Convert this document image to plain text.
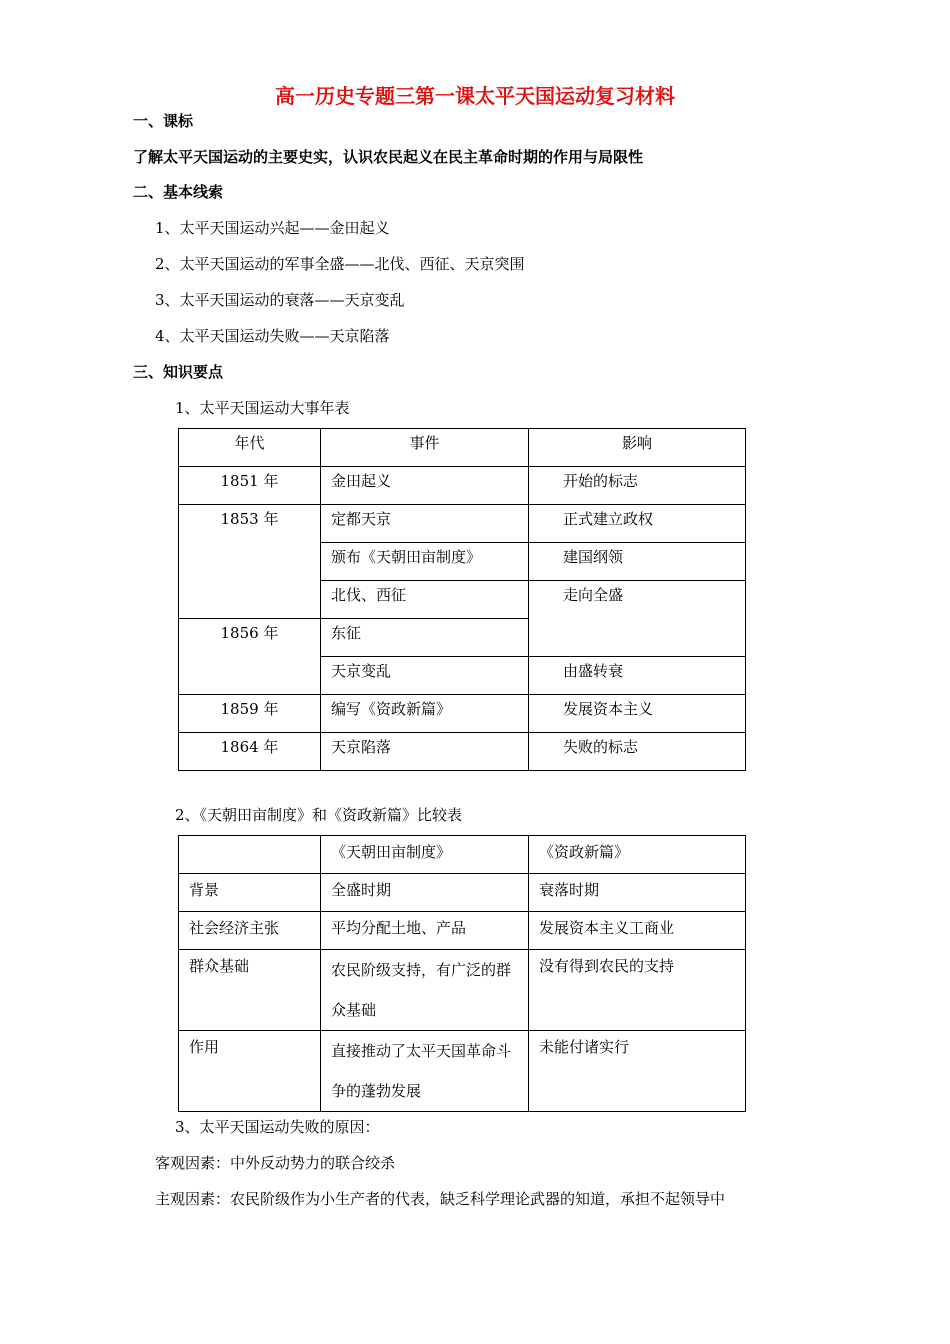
高一历史专题三第一课太平天国运动复习材料
一、课标
了解太平天国运动的主要史实，认识农民起义在民主革命时期的作用与局限性
二、基本线索
1、太平天国运动兴起——金田起义
2、太平天国运动的军事全盛——北伐、西征、天京突围
3、太平天国运动的衰落——天京变乱
4、太平天国运动失败——天京陷落
三、知识要点
1、太平天国运动大事年表
年代	事件	影响
1851 年	金田起义	开始的标志
1853 年	定都天京	正式建立政权
	颁布《天朝田亩制度》	建国纲领
	北伐、西征	走向全盛
1856 年	东征	
	天京变乱	由盛转衰
1859 年	编写《资政新篇》	发展资本主义
1864 年	天京陷落	失败的标志
2、《天朝田亩制度》和《资政新篇》比较表
	《天朝田亩制度》	《资政新篇》
背景	全盛时期	衰落时期
社会经济主张	平均分配土地、产品	发展资本主义工商业
群众基础	农民阶级支持，有广泛的群众基础	没有得到农民的支持
作用	直接推动了太平天国革命斗争的蓬勃发展	未能付诸实行
3、太平天国运动失败的原因：
客观因素：中外反动势力的联合绞杀
主观因素：农民阶级作为小生产者的代表，缺乏科学理论武器的知道，承担不起领导中
